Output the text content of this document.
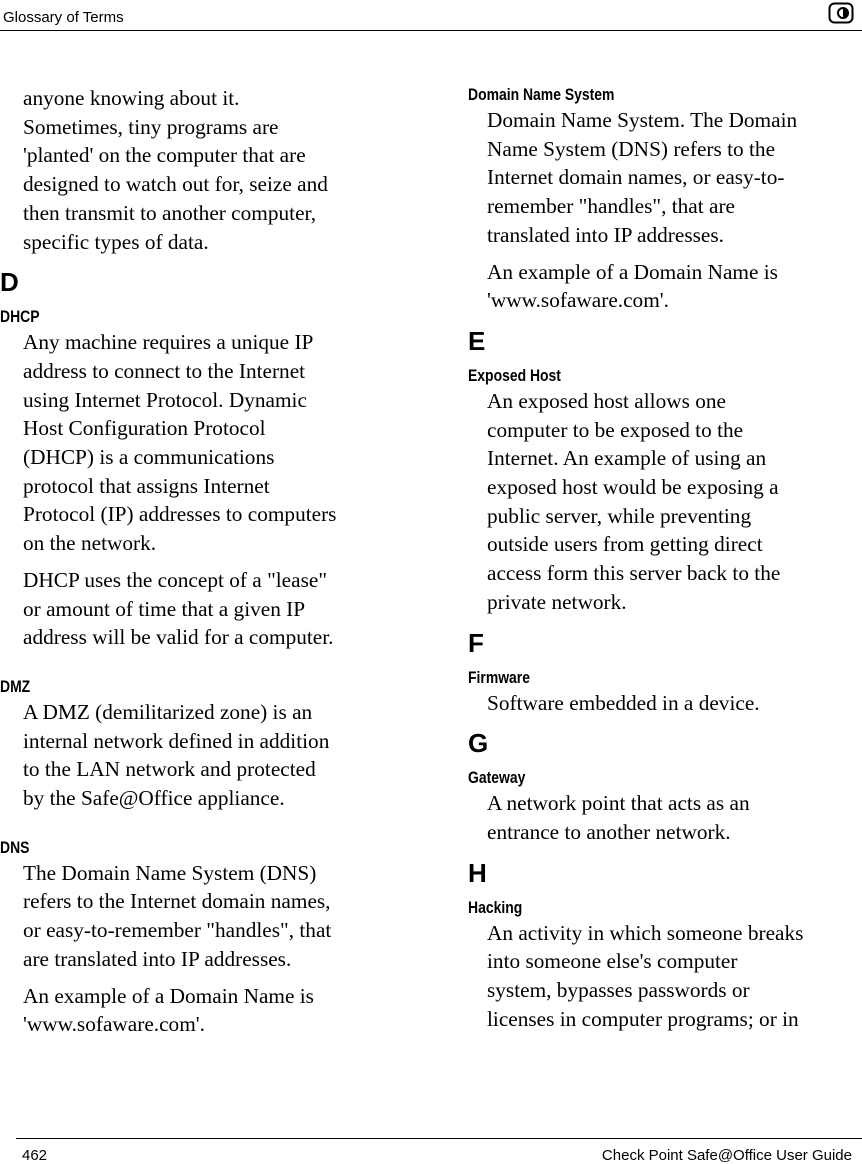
Glossary of Terms

anyone knowing about it.
Sometimes, tiny programs are
'planted' on the computer that are
designed to watch out for, seize and
then transmit to another computer,
specific types of data.

D
DHCP

Any machine requires a unique IP
address to connect to the Internet
using Internet Protocol. Dynamic
Host Configuration Protocol
(DHCP) is a communications
protocol that assigns Internet
Protocol (IP) addresses to computers
on the network.

DHCP uses the concept of a "lease"
or amount of time that a given IP
address will be valid for a computer.

DMZ

A DMZ (demilitarized zone) is an
internal network defined in addition
to the LAN network and protected
by the Safe@Office appliance.

DNS

The Domain Name System (DNS)
refers to the Internet domain names,
or easy-to-remember "handles", that
are translated into IP addresses.

An example of a Domain Name is
'www.sofaware.com'.

Domain Name System

Domain Name System. The Domain
Name System (DNS) refers to the
Internet domain names, or easy-to-
remember "handles", that are
translated into IP addresses.

An example of a Domain Name is
'www.sofaware.com'.

E
Exposed Host

An exposed host allows one
computer to be exposed to the
Internet. An example of using an
exposed host would be exposing a
public server, while preventing
outside users from getting direct
access form this server back to the
private network.

F
Firmware

Software embedded in a device.

G
Gateway

A network point that acts as an
entrance to another network.

H
Hacking

An activity in which someone breaks
into someone else's computer
system, bypasses passwords or
licenses in computer programs; or in

462	Check Point Safe@Office User Guide
